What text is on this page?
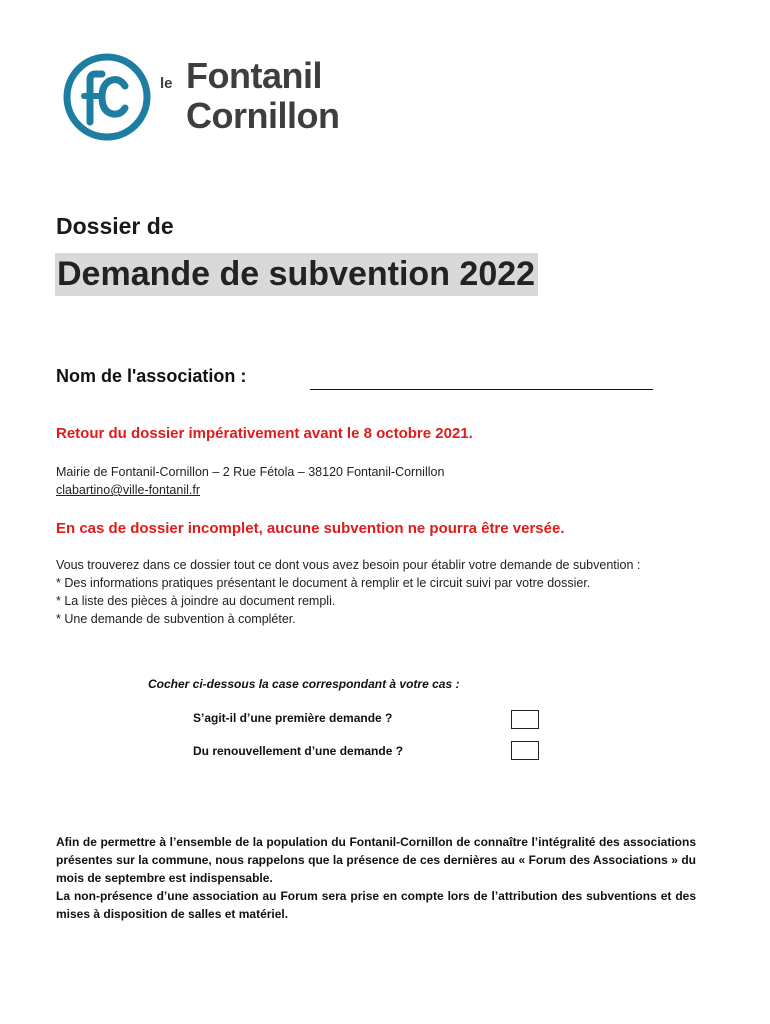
le Fontanil
Cornillon
Dossier de
Demande de subvention 2022
Nom de l'association :
Retour du dossier impérativement avant le 8 octobre 2021.
Mairie de Fontanil-Cornillon – 2 Rue Fétola – 38120 Fontanil-Cornillon
clabartino@ville-fontanil.fr
En cas de dossier incomplet, aucune subvention ne pourra être versée.

Vous trouverez dans ce dossier tout ce dont vous avez besoin pour établir votre demande de subvention :

* Des informations pratiques présentant le document à remplir et le circuit suivi par votre dossier.

* La liste des pièces à joindre au document rempli.

* Une demande de subvention à compléter.

Cocher ci-dessous la case correspondant à votre cas :
S’agit-il d’une première demande ?
Du renouvellement d’une demande ?

Afin de permettre à l’ensemble de la population du Fontanil-Cornillon de connaître l’intégralité des associations présentes sur la commune, nous rappelons que la présence de ces dernières au « Forum des Associations » du mois de septembre est indispensable.

La non-présence d’une association au Forum sera prise en compte lors de l’attribution des subventions et des mises à disposition de salles et matériel.
